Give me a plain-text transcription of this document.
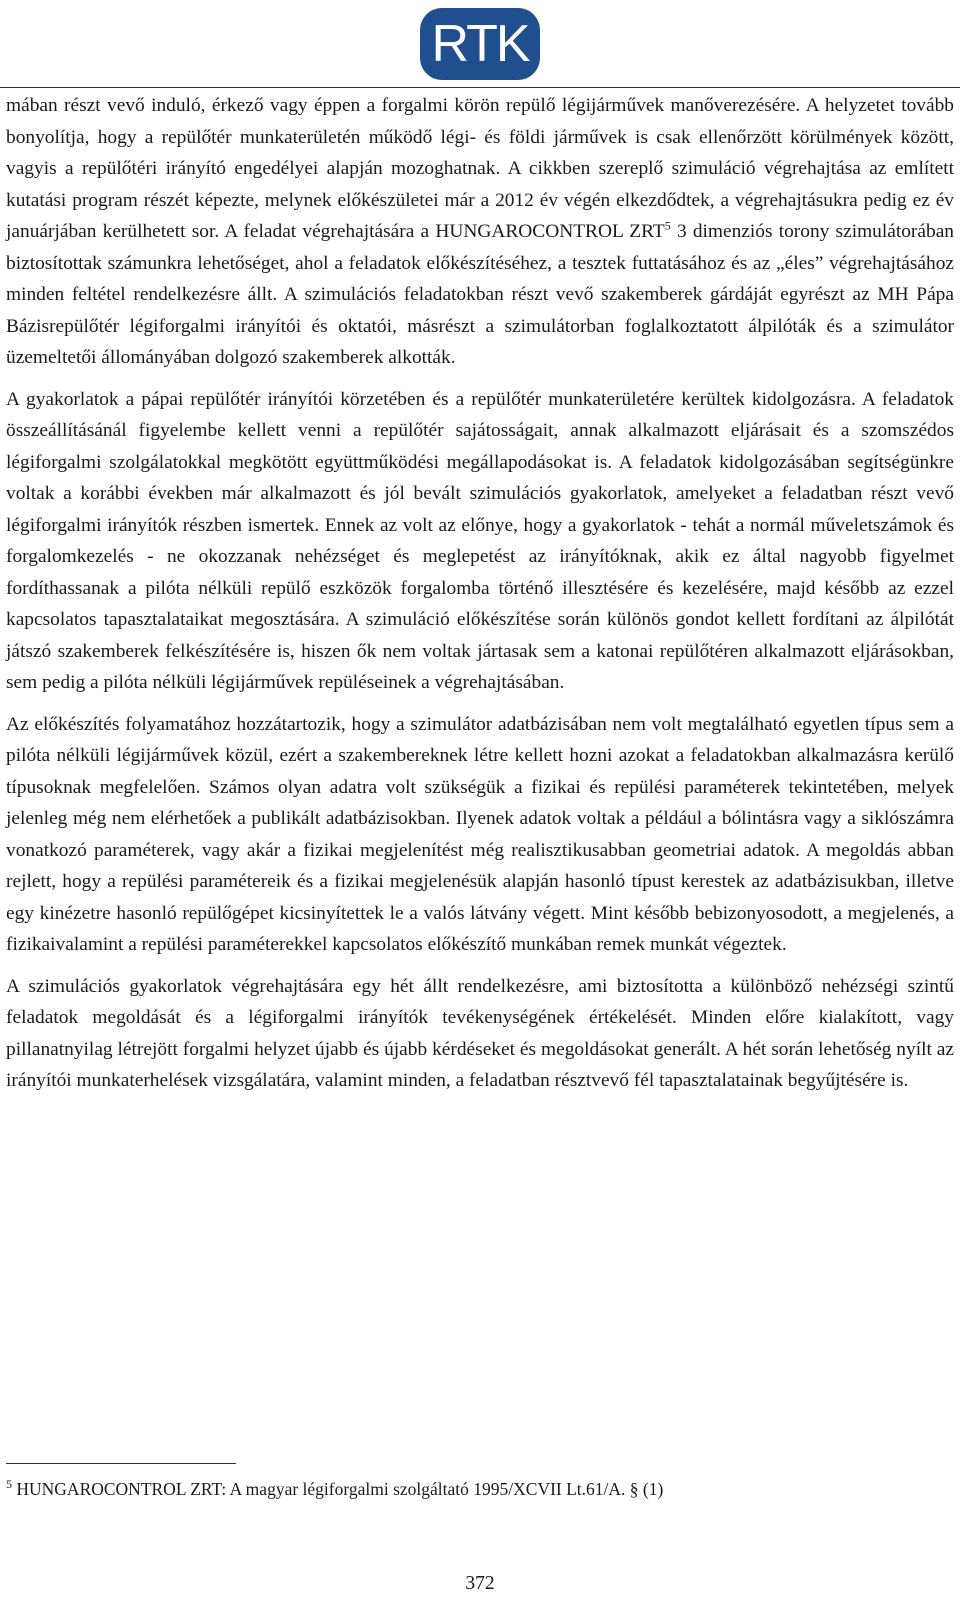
RTK

mában részt vevő induló, érkező vagy éppen a forgalmi körön repülő légijárművek manőverezésére. A helyzetet tovább bonyolítja, hogy a repülőtér munkaterületén működő légi- és földi járművek is csak ellenőrzött körülmények között, vagyis a repülőtéri irányító engedélyei alapján mozoghatnak. A cikkben szereplő szimuláció végrehajtása az említett kutatási program részét képezte, melynek előkészületei már a 2012 év végén elkezdődtek, a végrehajtásukra pedig ez év januárjában kerülhetett sor. A feladat végrehajtására a HUNGAROCONTROL ZRT$^5$ 3 dimenziós torony szimulátorában biztosítottak számunkra lehetőséget, ahol a feladatok előkészítéséhez, a tesztek futtatásához és az „éles” végrehajtásához minden feltétel rendelkezésre állt. A szimulációs feladatokban részt vevő szakemberek gárdáját egyrészt az MH Pápa Bázisrepülőtér légiforgalmi irányítói és oktatói, másrészt a szimulátorban foglalkoztatott álpilóták és a szimulátor üzemeltetői állományában dolgozó szakemberek alkották.

A gyakorlatok a pápai repülőtér irányítói körzetében és a repülőtér munkaterületére kerültek kidolgozásra. A feladatok összeállításánál figyelembe kellett venni a repülőtér sajátosságait, annak alkalmazott eljárásait és a szomszédos légiforgalmi szolgálatokkal megkötött együttműködési megállapodásokat is. A feladatok kidolgozásában segítségünkre voltak a korábbi években már alkalmazott és jól bevált szimulációs gyakorlatok, amelyeket a feladatban részt vevő légiforgalmi irányítók részben ismertek. Ennek az volt az előnye, hogy a gyakorlatok - tehát a normál műveletszámok és forgalomkezelés - ne okozzanak nehézséget és meglepetést az irányítóknak, akik ez által nagyobb figyelmet fordíthassanak a pilóta nélküli repülő eszközök forgalomba történő illesztésére és kezelésére, majd később az ezzel kapcsolatos tapasztalataikat megosztására. A szimuláció előkészítése során különös gondot kellett fordítani az álpilótát játszó szakemberek felkészítésére is, hiszen ők nem voltak jártasak sem a katonai repülőtéren alkalmazott eljárásokban, sem pedig a pilóta nélküli légijárművek repüléseinek a végrehajtásában.

Az előkészítés folyamatához hozzátartozik, hogy a szimulátor adatbázisában nem volt megtalálható egyetlen típus sem a pilóta nélküli légijárművek közül, ezért a szakembereknek létre kellett hozni azokat a feladatokban alkalmazásra kerülő típusoknak megfelelően. Számos olyan adatra volt szükségük a fizikai és repülési paraméterek tekintetében, melyek jelenleg még nem elérhetőek a publikált adatbázisokban. Ilyenek adatok voltak a például a bólintásra vagy a siklószámra vonatkozó paraméterek, vagy akár a fizikai megjelenítést még realisztikusabban geometriai adatok. A megoldás abban rejlett, hogy a repülési paramétereik és a fizikai megjelenésük alapján hasonló típust kerestek az adatbázisukban, illetve egy kinézetre hasonló repülőgépet kicsinyítettek le a valós látvány végett. Mint később bebizonyosodott, a megjelenés, a fizikaivalamint a repülési paraméterekkel kapcsolatos előkészítő munkában remek munkát végeztek.

A szimulációs gyakorlatok végrehajtására egy hét állt rendelkezésre, ami biztosította a különböző nehézségi szintű feladatok megoldását és a légiforgalmi irányítók tevékenységének értékelését. Minden előre kialakított, vagy pillanatnyilag létrejött forgalmi helyzet újabb és újabb kérdéseket és megoldásokat generált. A hét során lehetőség nyílt az irányítói munkaterhelések vizsgálatára, valamint minden, a feladatban résztvevő fél tapasztalatainak begyűjtésére is.

$^5$ HUNGAROCONTROL ZRT: A magyar légiforgalmi szolgáltató 1995/XCVII Lt.61/A. § (1)
372
